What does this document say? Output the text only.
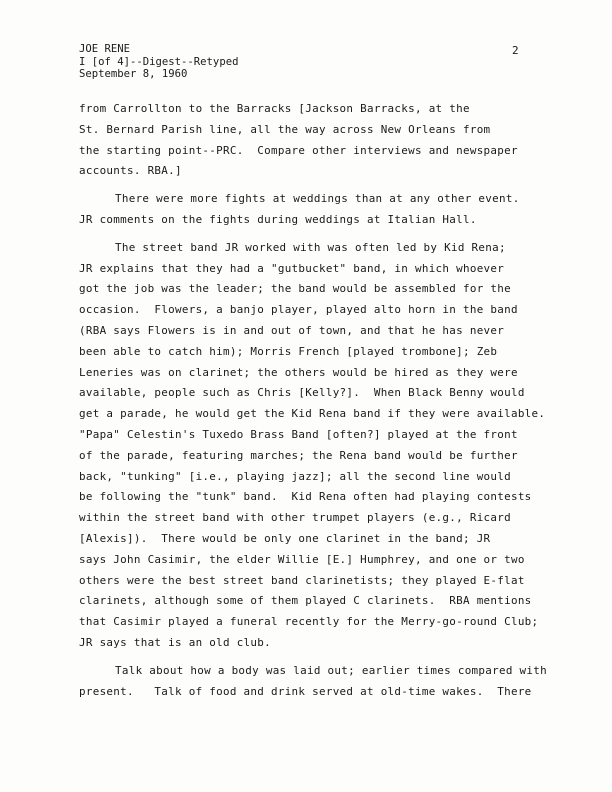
JOE RENE
I [of 4]--Digest--Retyped
September 8, 1960
2
from Carrollton to the Barracks [Jackson Barracks, at the
St. Bernard Parish line, all the way across New Orleans from
the starting point--PRC.  Compare other interviews and newspaper
accounts. RBA.]
There were more fights at weddings than at any other event.
JR comments on the fights during weddings at Italian Hall.
The street band JR worked with was often led by Kid Rena;
JR explains that they had a "gutbucket" band, in which whoever
got the job was the leader; the band would be assembled for the
occasion.  Flowers, a banjo player, played alto horn in the band
(RBA says Flowers is in and out of town, and that he has never
been able to catch him); Morris French [played trombone]; Zeb
Leneries was on clarinet; the others would be hired as they were
available, people such as Chris [Kelly?].  When Black Benny would
get a parade, he would get the Kid Rena band if they were available.
"Papa" Celestin's Tuxedo Brass Band [often?] played at the front
of the parade, featuring marches; the Rena band would be further
back, "tunking" [i.e., playing jazz]; all the second line would
be following the "tunk" band.  Kid Rena often had playing contests
within the street band with other trumpet players (e.g., Ricard
[Alexis]).  There would be only one clarinet in the band; JR
says John Casimir, the elder Willie [E.] Humphrey, and one or two
others were the best street band clarinetists; they played E-flat
clarinets, although some of them played C clarinets.  RBA mentions
that Casimir played a funeral recently for the Merry-go-round Club;
JR says that is an old club.
Talk about how a body was laid out; earlier times compared with
present.   Talk of food and drink served at old-time wakes.  There
